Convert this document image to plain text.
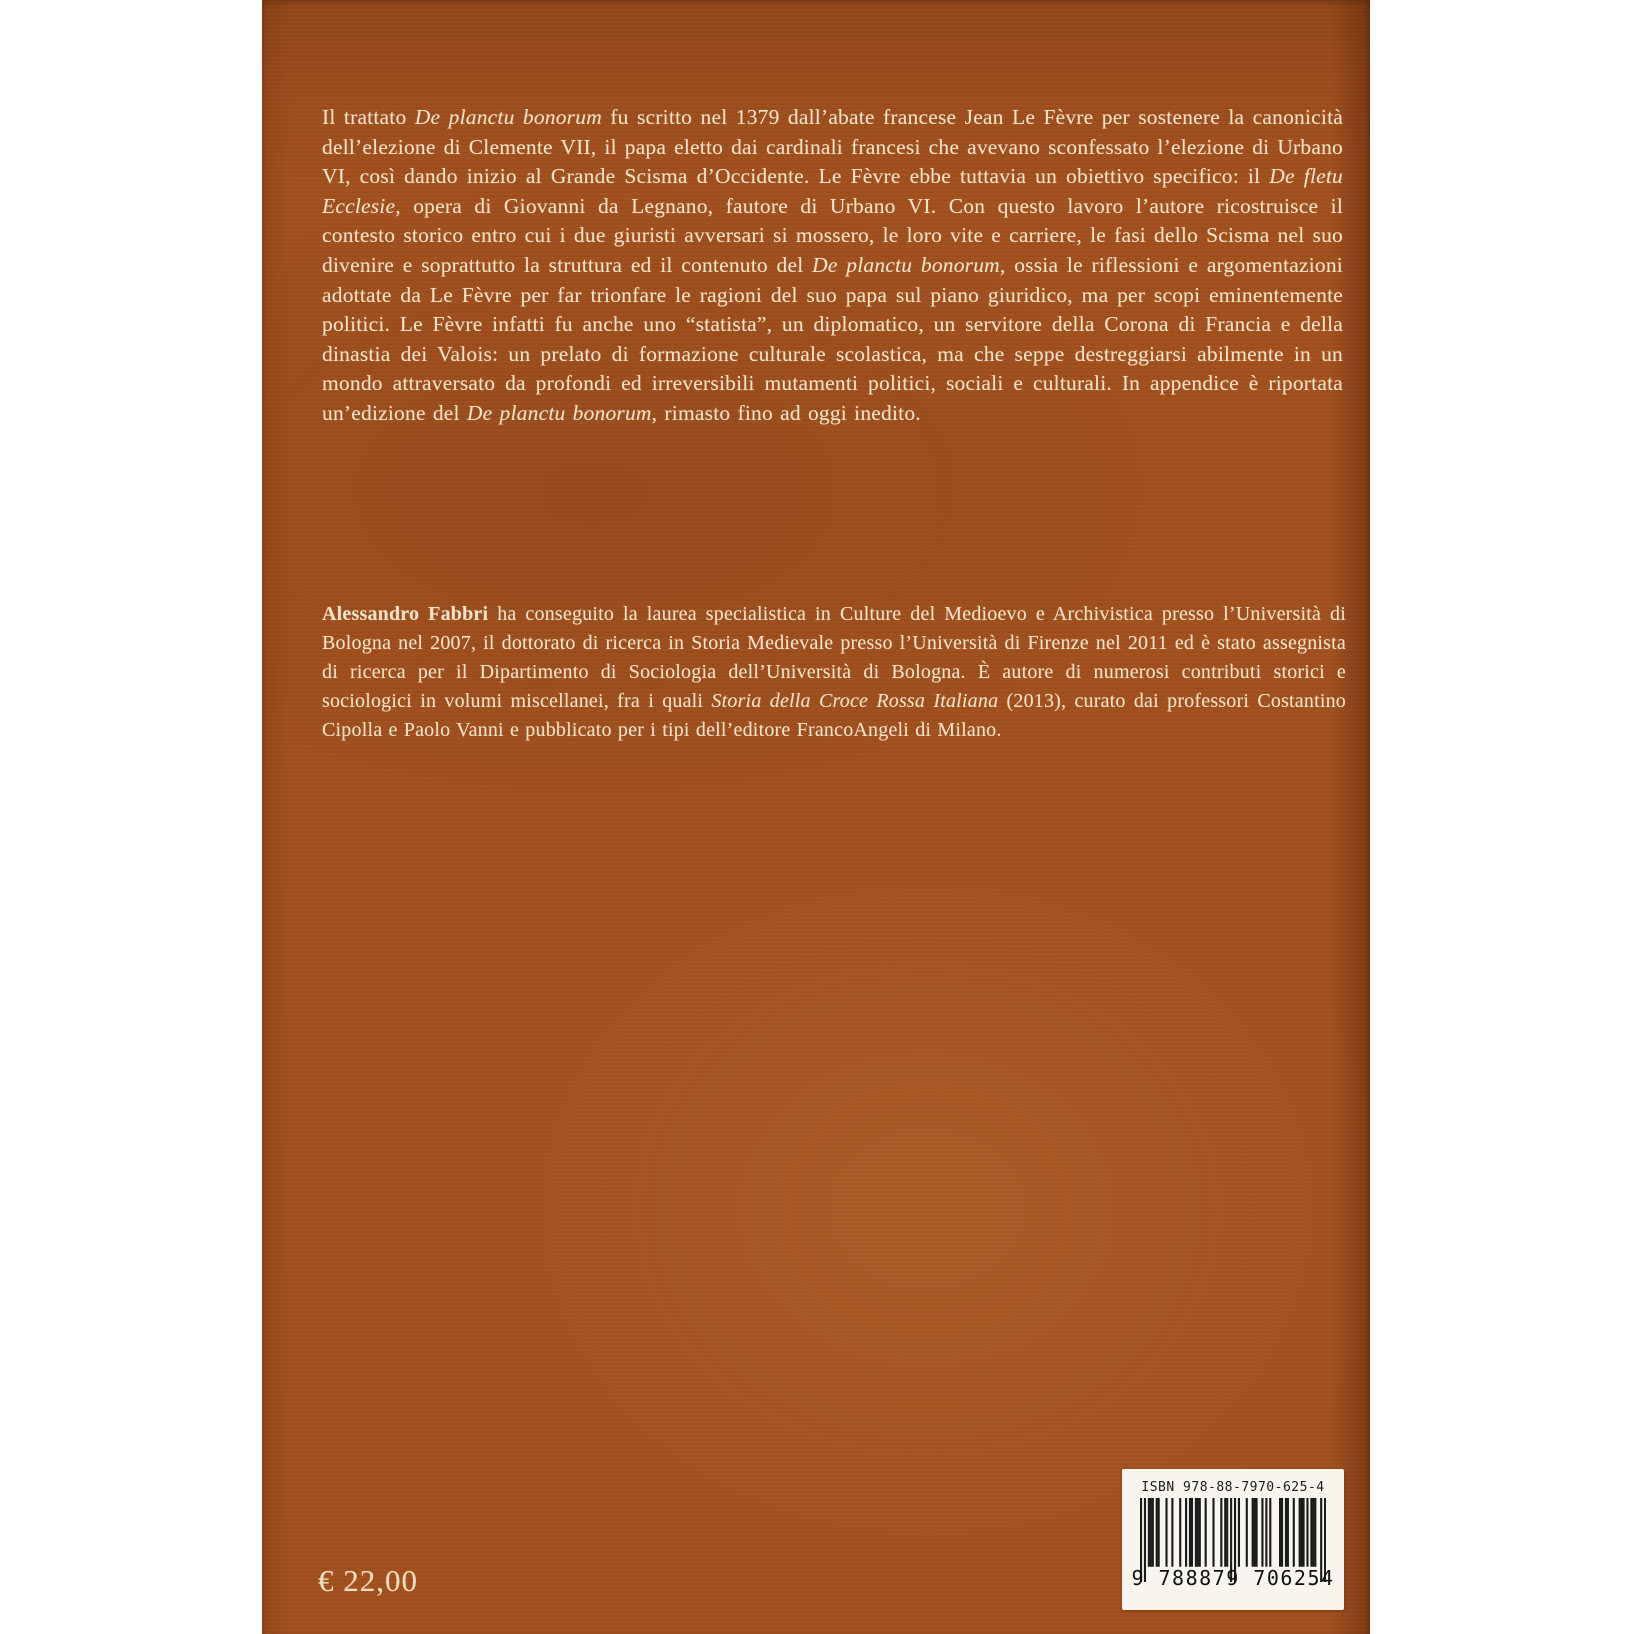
Il trattato De planctu bonorum fu scritto nel 1379 dall’abate francese Jean Le Fèvre per sostenere la canonicità dell’elezione di Clemente VII, il papa eletto dai cardinali francesi che avevano sconfessato l’elezione di Urbano VI, così dando inizio al Grande Scisma d’Occidente. Le Fèvre ebbe tuttavia un obiettivo specifico: il De fletu Ecclesie, opera di Giovanni da Legnano, fautore di Urbano VI. Con questo lavoro l’autore ricostruisce il contesto storico entro cui i due giuristi avversari si mossero, le loro vite e carriere, le fasi dello Scisma nel suo divenire e soprattutto la struttura ed il contenuto del De planctu bonorum, ossia le riflessioni e argomentazioni adottate da Le Fèvre per far trionfare le ragioni del suo papa sul piano giuridico, ma per scopi eminentemente politici. Le Fèvre infatti fu anche uno “statista”, un diplomatico, un servitore della Corona di Francia e della dinastia dei Valois: un prelato di formazione culturale scolastica, ma che seppe destreggiarsi abilmente in un mondo attraversato da profondi ed irreversibili mutamenti politici, sociali e culturali. In appendice è riportata un’edizione del De planctu bonorum, rimasto fino ad oggi inedito.

Alessandro Fabbri ha conseguito la laurea specialistica in Culture del Medioevo e Archivistica presso l’Università di Bologna nel 2007, il dottorato di ricerca in Storia Medievale presso l’Università di Firenze nel 2011 ed è stato assegnista di ricerca per il Dipartimento di Sociologia dell’Università di Bologna. È autore di numerosi contributi storici e sociologici in volumi miscellanei, fra i quali Storia della Croce Rossa Italiana (2013), curato dai professori Costantino Cipolla e Paolo Vanni e pubblicato per i tipi dell’editore FrancoAngeli di Milano.

€ 22,00
ISBN 978-88-7970-625-4
9 788879 706254
